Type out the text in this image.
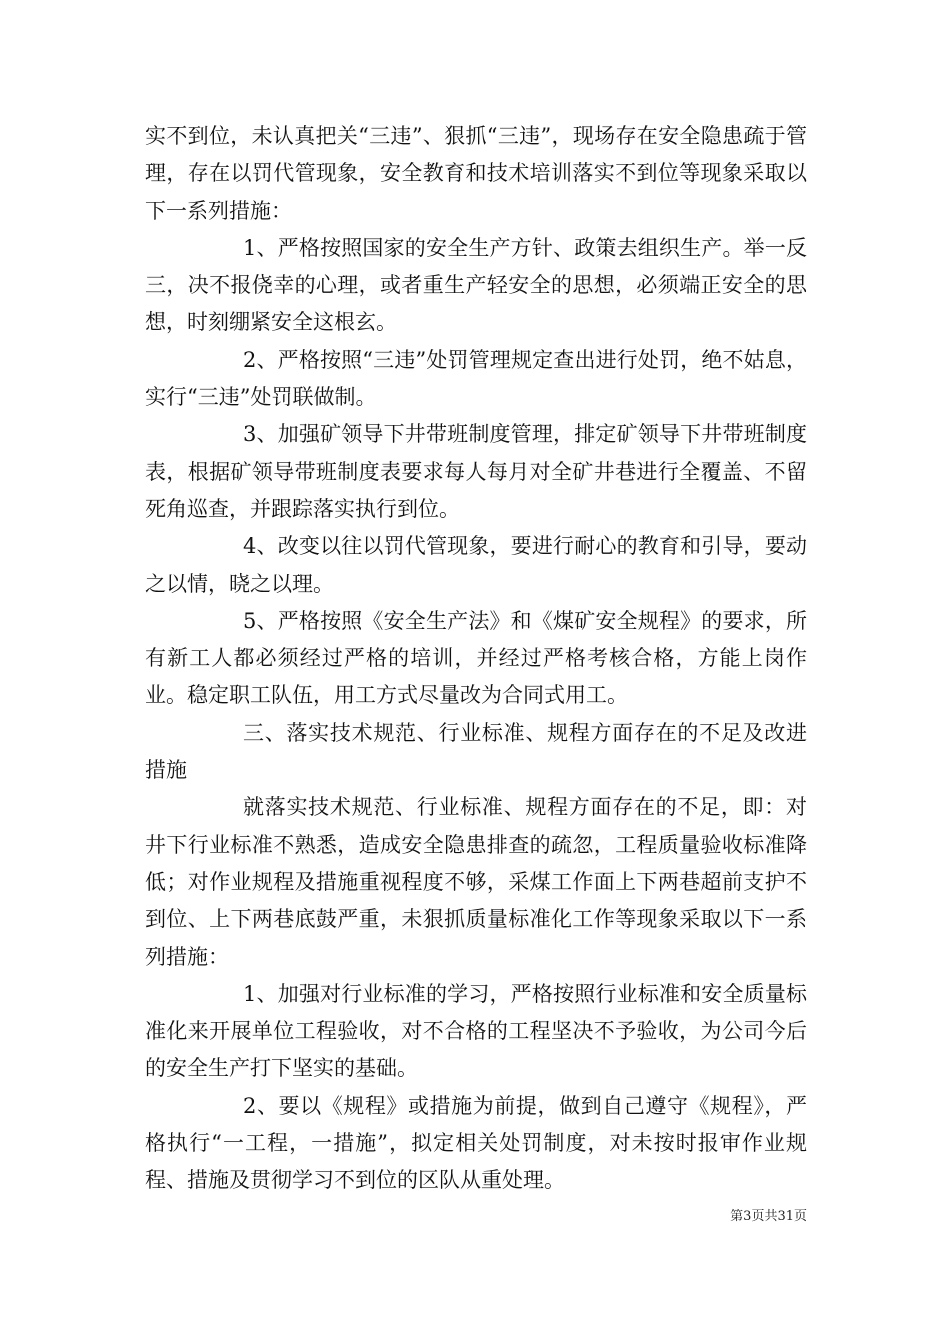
实不到位，未认真把关“三违”、狠抓“三违”，现场存在安全隐患疏于管理，存在以罚代管现象，安全教育和技术培训落实不到位等现象采取以下一系列措施：

1、严格按照国家的安全生产方针、政策去组织生产。举一反三，决不报侥幸的心理，或者重生产轻安全的思想，必须端正安全的思想，时刻绷紧安全这根玄。

2、严格按照“三违”处罚管理规定查出进行处罚，绝不姑息，实行“三违”处罚联做制。

3、加强矿领导下井带班制度管理，排定矿领导下井带班制度表，根据矿领导带班制度表要求每人每月对全矿井巷进行全覆盖、不留死角巡查，并跟踪落实执行到位。

4、改变以往以罚代管现象，要进行耐心的教育和引导，要动之以情，晓之以理。

5、严格按照《安全生产法》和《煤矿安全规程》的要求，所有新工人都必须经过严格的培训，并经过严格考核合格，方能上岗作业。稳定职工队伍，用工方式尽量改为合同式用工。

三、落实技术规范、行业标准、规程方面存在的不足及改进措施

就落实技术规范、行业标准、规程方面存在的不足，即：对井下行业标准不熟悉，造成安全隐患排查的疏忽，工程质量验收标准降低；对作业规程及措施重视程度不够，采煤工作面上下两巷超前支护不到位、上下两巷底鼓严重，未狠抓质量标准化工作等现象采取以下一系列措施：

1、加强对行业标准的学习，严格按照行业标准和安全质量标准化来开展单位工程验收，对不合格的工程坚决不予验收，为公司今后的安全生产打下坚实的基础。

2、要以《规程》或措施为前提，做到自己遵守《规程》，严格执行“一工程，一措施”，拟定相关处罚制度，对未按时报审作业规程、措施及贯彻学习不到位的区队从重处理。

第3页共31页
